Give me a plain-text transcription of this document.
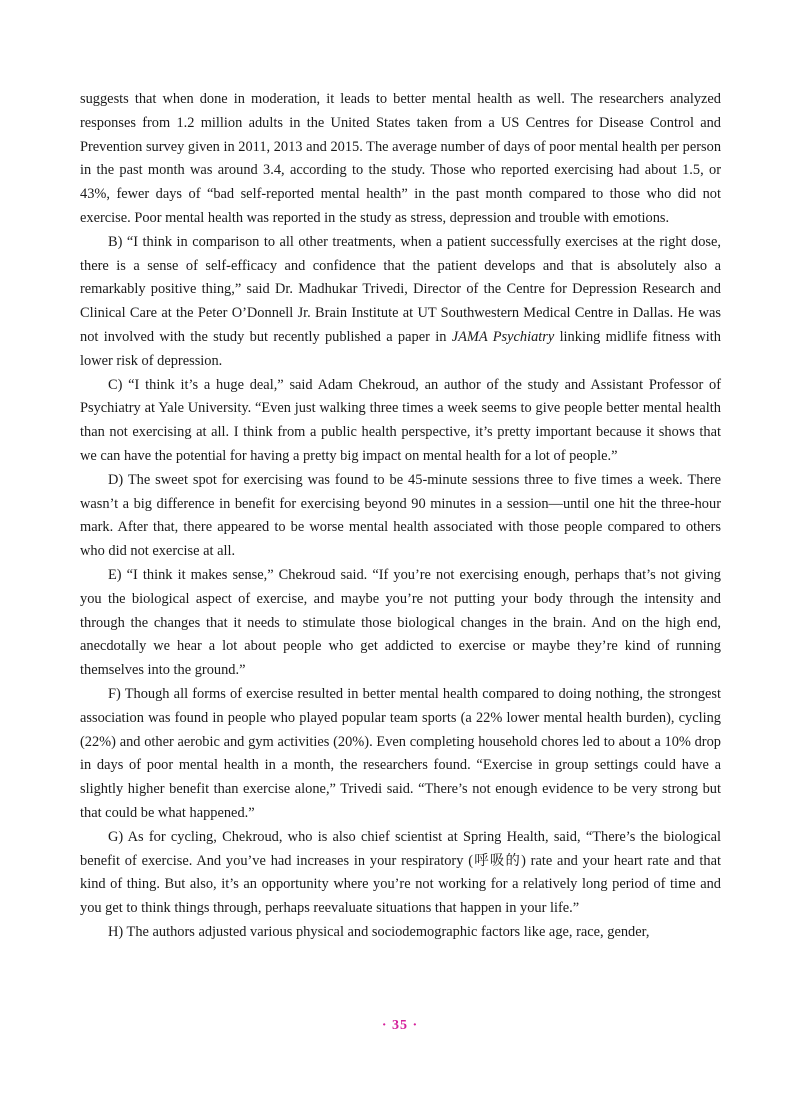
suggests that when done in moderation, it leads to better mental health as well. The researchers analyzed responses from 1.2 million adults in the United States taken from a US Centres for Disease Control and Prevention survey given in 2011, 2013 and 2015. The average number of days of poor mental health per person in the past month was around 3.4, according to the study. Those who reported exercising had about 1.5, or 43%, fewer days of “bad self-reported mental health” in the past month compared to those who did not exercise. Poor mental health was reported in the study as stress, depression and trouble with emotions.

B) “I think in comparison to all other treatments, when a patient successfully exercises at the right dose, there is a sense of self-efficacy and confidence that the patient develops and that is absolutely also a remarkably positive thing,” said Dr. Madhukar Trivedi, Director of the Centre for Depression Research and Clinical Care at the Peter O’Donnell Jr. Brain Institute at UT Southwestern Medical Centre in Dallas. He was not involved with the study but recently published a paper in JAMA Psychiatry linking midlife fitness with lower risk of depression.

C) “I think it’s a huge deal,” said Adam Chekroud, an author of the study and Assistant Professor of Psychiatry at Yale University. “Even just walking three times a week seems to give people better mental health than not exercising at all. I think from a public health perspective, it’s pretty important because it shows that we can have the potential for having a pretty big impact on mental health for a lot of people.”

D) The sweet spot for exercising was found to be 45-minute sessions three to five times a week. There wasn’t a big difference in benefit for exercising beyond 90 minutes in a session—until one hit the three-hour mark. After that, there appeared to be worse mental health associated with those people compared to others who did not exercise at all.

E) “I think it makes sense,” Chekroud said. “If you’re not exercising enough, perhaps that’s not giving you the biological aspect of exercise, and maybe you’re not putting your body through the intensity and through the changes that it needs to stimulate those biological changes in the brain. And on the high end, anecdotally we hear a lot about people who get addicted to exercise or maybe they’re kind of running themselves into the ground.”

F) Though all forms of exercise resulted in better mental health compared to doing nothing, the strongest association was found in people who played popular team sports (a 22% lower mental health burden), cycling (22%) and other aerobic and gym activities (20%). Even completing household chores led to about a 10% drop in days of poor mental health in a month, the researchers found. “Exercise in group settings could have a slightly higher benefit than exercise alone,” Trivedi said. “There’s not enough evidence to be very strong but that could be what happened.”

G) As for cycling, Chekroud, who is also chief scientist at Spring Health, said, “There’s the biological benefit of exercise. And you’ve had increases in your respiratory (呼吸的) rate and your heart rate and that kind of thing. But also, it’s an opportunity where you’re not working for a relatively long period of time and you get to think things through, perhaps reevaluate situations that happen in your life.”

H) The authors adjusted various physical and sociodemographic factors like age, race, gender,

· 35 ·
